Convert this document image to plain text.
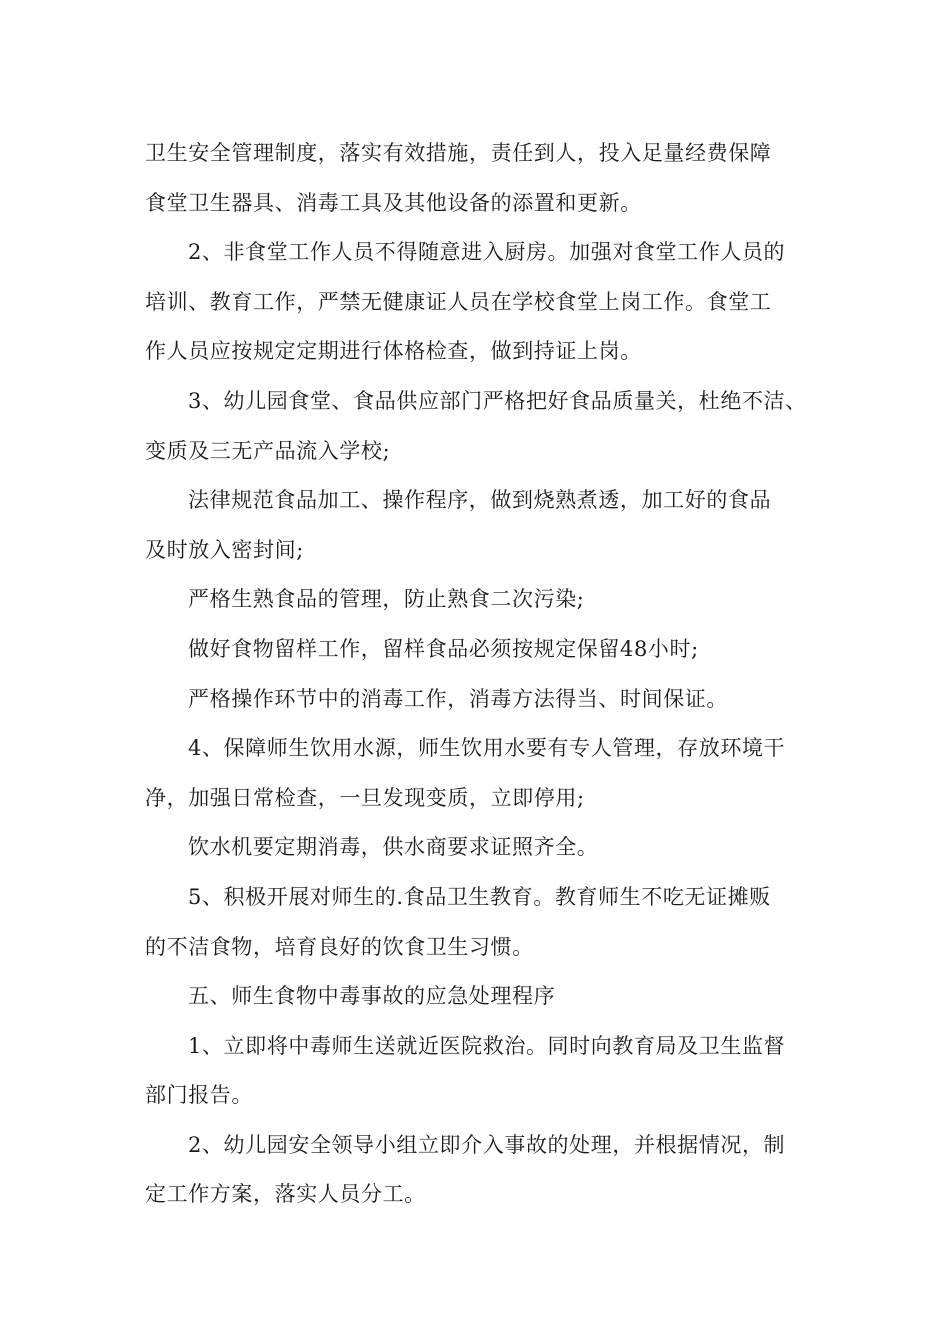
卫生安全管理制度，落实有效措施，责任到人，投入足量经费保障
食堂卫生器具、消毒工具及其他设备的添置和更新。
2、非食堂工作人员不得随意进入厨房。加强对食堂工作人员的
培训、教育工作，严禁无健康证人员在学校食堂上岗工作。食堂工
作人员应按规定定期进行体格检查，做到持证上岗。
3、幼儿园食堂、食品供应部门严格把好食品质量关，杜绝不洁、
变质及三无产品流入学校;
法律规范食品加工、操作程序，做到烧熟煮透，加工好的食品
及时放入密封间;
严格生熟食品的管理，防止熟食二次污染;
做好食物留样工作，留样食品必须按规定保留48小时;
严格操作环节中的消毒工作，消毒方法得当、时间保证。
4、保障师生饮用水源，师生饮用水要有专人管理，存放环境干
净，加强日常检查，一旦发现变质，立即停用;
饮水机要定期消毒，供水商要求证照齐全。
5、积极开展对师生的.食品卫生教育。教育师生不吃无证摊贩
的不洁食物，培育良好的饮食卫生习惯。
五、师生食物中毒事故的应急处理程序
1、立即将中毒师生送就近医院救治。同时向教育局及卫生监督
部门报告。
2、幼儿园安全领导小组立即介入事故的处理，并根据情况，制
定工作方案，落实人员分工。
